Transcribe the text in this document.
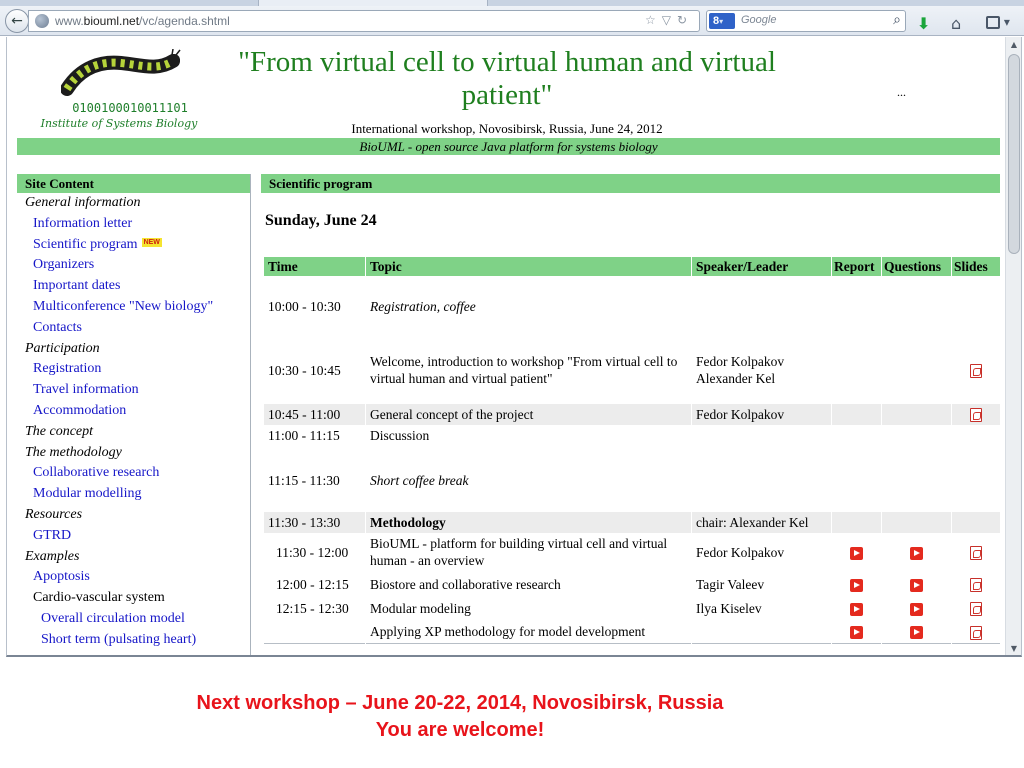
←	www.biouml.net/vc/agenda.shtml	☆▽↻	8▾	Google	⌕ ⬇ ⌂	▾
0100100010011101
Institute of Systems Biology
"From virtual cell to virtual human and virtual patient"
International workshop, Novosibirsk, Russia, June 24, 2012
...
BioUML - open source Java platform for systems biology
Site Content
General information
Information letter
Scientific program NEW
Organizers
Important dates
Multiconference "New biology"
Contacts
Participation
Registration
Travel information
Accommodation
The concept
The methodology
Collaborative research
Modular modelling
Resources
GTRD
Examples
Apoptosis
Cardio-vascular system
Overall circulation model
Short term (pulsating heart)
Scientific program
Sunday, June 24
Time	Topic	Speaker/Leader	Report	Questions	Slides
10:00 - 10:30	Registration, coffee				
10:30 - 10:45	Welcome, introduction to workshop "From virtual cell to virtual human and virtual patient"	Fedor Kolpakov
Alexander Kel			
10:45 - 11:00	General concept of the project	Fedor Kolpakov			
11:00 - 11:15	Discussion				
11:15 - 11:30	Short coffee break				
11:30 - 13:30	Methodology	chair: Alexander Kel			
11:30 - 12:00	BioUML - platform for building virtual cell and virtual human - an overview	Fedor Kolpakov			
12:00 - 12:15	Biostore and collaborative research	Tagir Valeev			
12:15 - 12:30	Modular modeling	Ilya Kiselev			
	Applying XP methodology for model development				
▲
▼
Next workshop – June 20-22, 2014, Novosibirsk, Russia
You are welcome!
